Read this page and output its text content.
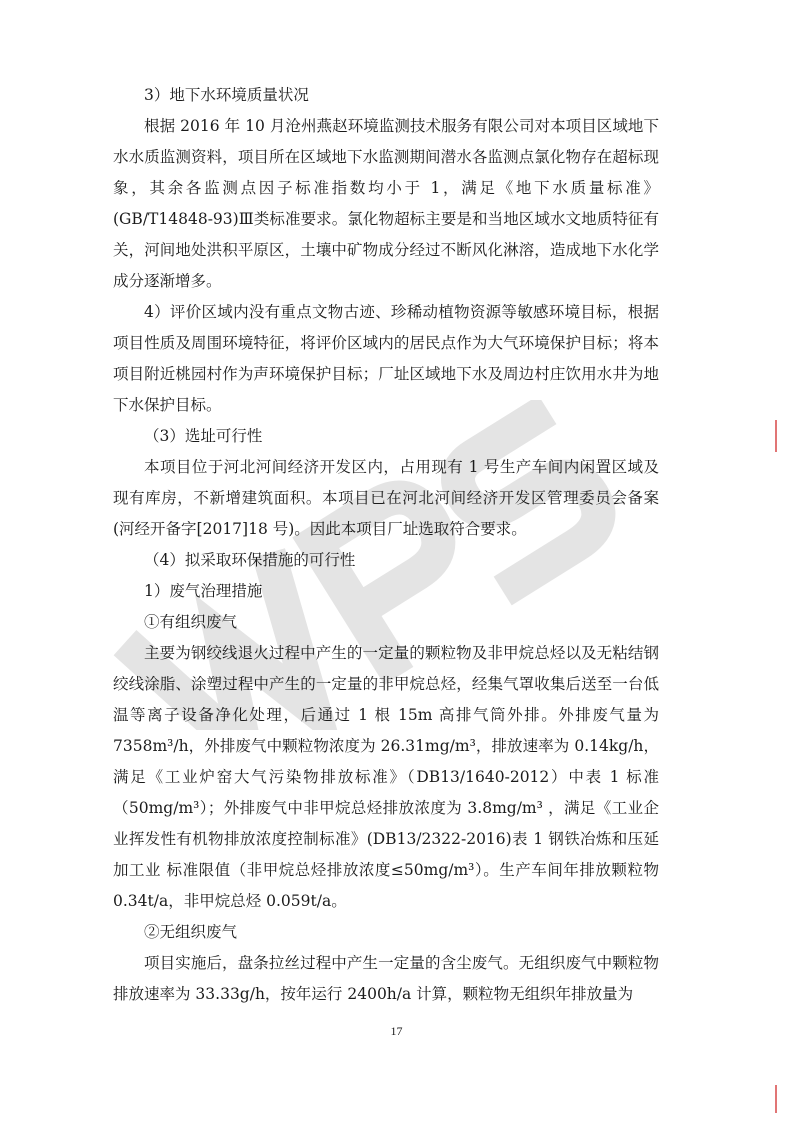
3）地下水环境质量状况

根据 2016 年 10 月沧州燕赵环境监测技术服务有限公司对本项目区域地下水水质监测资料，项目所在区域地下水监测期间潜水各监测点氯化物存在超标现象，其余各监测点因子标准指数均小于 1，满足《地下水质量标准》(GB/T14848-93)Ⅲ类标准要求。氯化物超标主要是和当地区域水文地质特征有关，河间地处洪积平原区，土壤中矿物成分经过不断风化淋溶，造成地下水化学成分逐渐增多。

4）评价区域内没有重点文物古迹、珍稀动植物资源等敏感环境目标，根据项目性质及周围环境特征，将评价区域内的居民点作为大气环境保护目标；将本项目附近桃园村作为声环境保护目标；厂址区域地下水及周边村庄饮用水井为地下水保护目标。

（3）选址可行性

本项目位于河北河间经济开发区内，占用现有 1 号生产车间内闲置区域及现有库房，不新增建筑面积。本项目已在河北河间经济开发区管理委员会备案(河经开备字[2017]18 号)。因此本项目厂址选取符合要求。

（4）拟采取环保措施的可行性

1）废气治理措施

①有组织废气

主要为钢绞线退火过程中产生的一定量的颗粒物及非甲烷总烃以及无粘结钢绞线涂脂、涂塑过程中产生的一定量的非甲烷总烃，经集气罩收集后送至一台低温等离子设备净化处理，后通过 1 根 15m 高排气筒外排。外排废气量为 7358m³/h，外排废气中颗粒物浓度为 26.31mg/m³，排放速率为 0.14kg/h，满足《工业炉窑大气污染物排放标准》（DB13/1640-2012）中表 1 标准（50mg/m³）；外排废气中非甲烷总烃排放浓度为 3.8mg/m³ ，满足《工业企业挥发性有机物排放浓度控制标准》(DB13/2322-2016)表 1 钢铁冶炼和压延加工业 标准限值（非甲烷总烃排放浓度≤50mg/m³）。生产车间年排放颗粒物 0.34t/a，非甲烷总烃 0.059t/a。

②无组织废气

项目实施后，盘条拉丝过程中产生一定量的含尘废气。无组织废气中颗粒物排放速率为 33.33g/h，按年运行 2400h/a 计算，颗粒物无组织年排放量为

17
